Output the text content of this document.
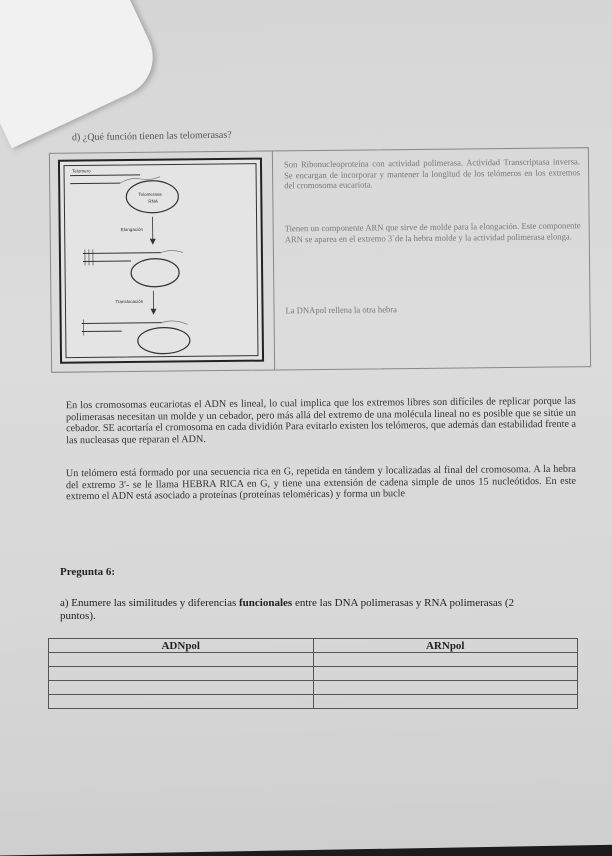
d) ¿Qué función tienen las telomerasas?
Telomero
Telomerasa
RNA
Elongación
Translocación
Son Ribonucleoproteína con actividad polimerasa. Actividad Transcriptasa inversa. Se encargan de incorporar y mantener la longitud de los telómeros en los extremos del cromosoma eucariota.
Tienen un componente ARN que sirve de molde para la elongación. Este componente ARN se aparea en el extremo 3´de la hebra molde y la actividad polimerasa elonga.
La DNApol rellena la otra hebra
En los cromosomas eucariotas el ADN es lineal, lo cual implica que los extremos libres son difíciles de replicar porque las polimerasas necesitan un molde y un cebador, pero más allá del extremo de una molécula lineal no es posible que se sitúe un cebador. SE acortaría el cromosoma en cada dividión Para evitarlo existen los telómeros, que además dan estabilidad frente a las nucleasas que reparan el ADN.
Un telómero está formado por una secuencia rica en G, repetida en tándem y localizadas al final del cromosoma. A la hebra del extremo 3'- se le llama HEBRA RICA en G, y tiene una extensión de cadena simple de unos 15 nucleótidos. En este extremo el ADN está asociado a proteínas (proteínas teloméricas) y forma un bucle
Pregunta 6:
a) Enumere las similitudes y diferencias funcionales entre las DNA polimerasas y RNA polimerasas (2 puntos).
ADNpol	ARNpol
